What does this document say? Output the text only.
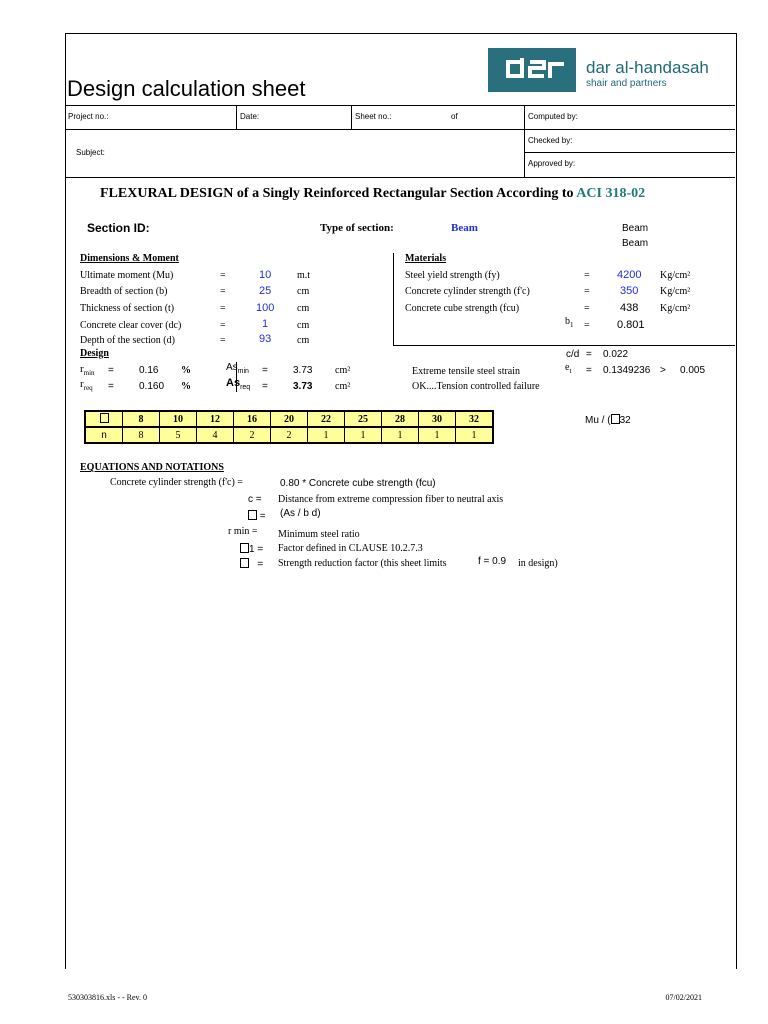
Design calculation sheet
dar al-handasah
shair and partners
Project no.:	Date:	Sheet no.:	of	Computed by:
Checked by:
Approved by:
Subject:
FLEXURAL DESIGN of a Singly Reinforced Rectangular Section According to ACI 318-02
Section ID:	Type of section:	Beam	Beam
Beam
Dimensions & Moment
Ultimate moment (Mu)	=	10	m.t
Breadth of section (b)	=	25	cm
Thickness of section (t)	=	100 cm
Concrete clear cover (dc)	=	1	cm
Depth of the section (d)	=	93	cm
Materials
Steel yield strength (fy)	= 4200 Kg/cm²
Concrete cylinder strength (f'c)	=	350 Kg/cm²
Concrete cube strength (fcu)	=	438 Kg/cm²
$b_1 = 0.801$
Design	c/d = 0.022
$r_{min}$ =	0.16 %	$As_{min}$ =	3.73 cm²	Extreme tensile steel strain	$e_t = 0.1349236 > 0.005$
$r_{req}$ =	0.160 %	$As_{req}$ =	3.73 cm²	OK....Tension controlled failure
	8	10	12	16	20	22	25	28	30	32
n	8	5	4	2	2	1	1	1	1	1
Mu / ( 32
EQUATIONS AND NOTATIONS
Concrete cylinder strength (f'c) =	0.80 * Concrete cube strength (fcu)
c = Distance from extreme compression fiber to neutral axis
= (As / b d)
r min = Minimum steel ratio
1 = Factor defined in CLAUSE 10.2.7.3
= Strength reduction factor (this sheet limits	f = 0.9 in design)
530303816.xls - - Rev. 0	07/02/2021
